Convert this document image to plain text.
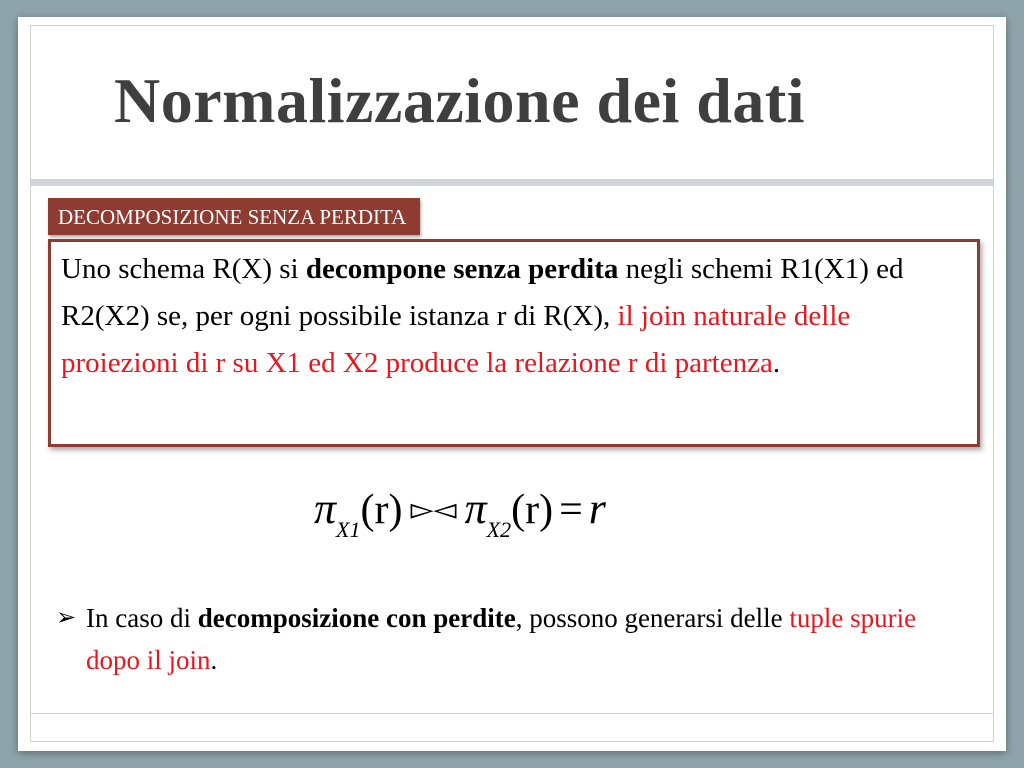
Normalizzazione dei dati
DECOMPOSIZIONE SENZA PERDITA
Uno schema R(X) si decompone senza perdita negli schemi R1(X1) ed R2(X2) se, per ogni possibile istanza r di R(X), il join naturale delle proiezioni di r su X1 ed X2 produce la relazione r di partenza.
πX1(r) ▻◅ πX2(r) = r
➢ In caso di decomposizione con perdite, possono generarsi delle tuple spurie dopo il join.
